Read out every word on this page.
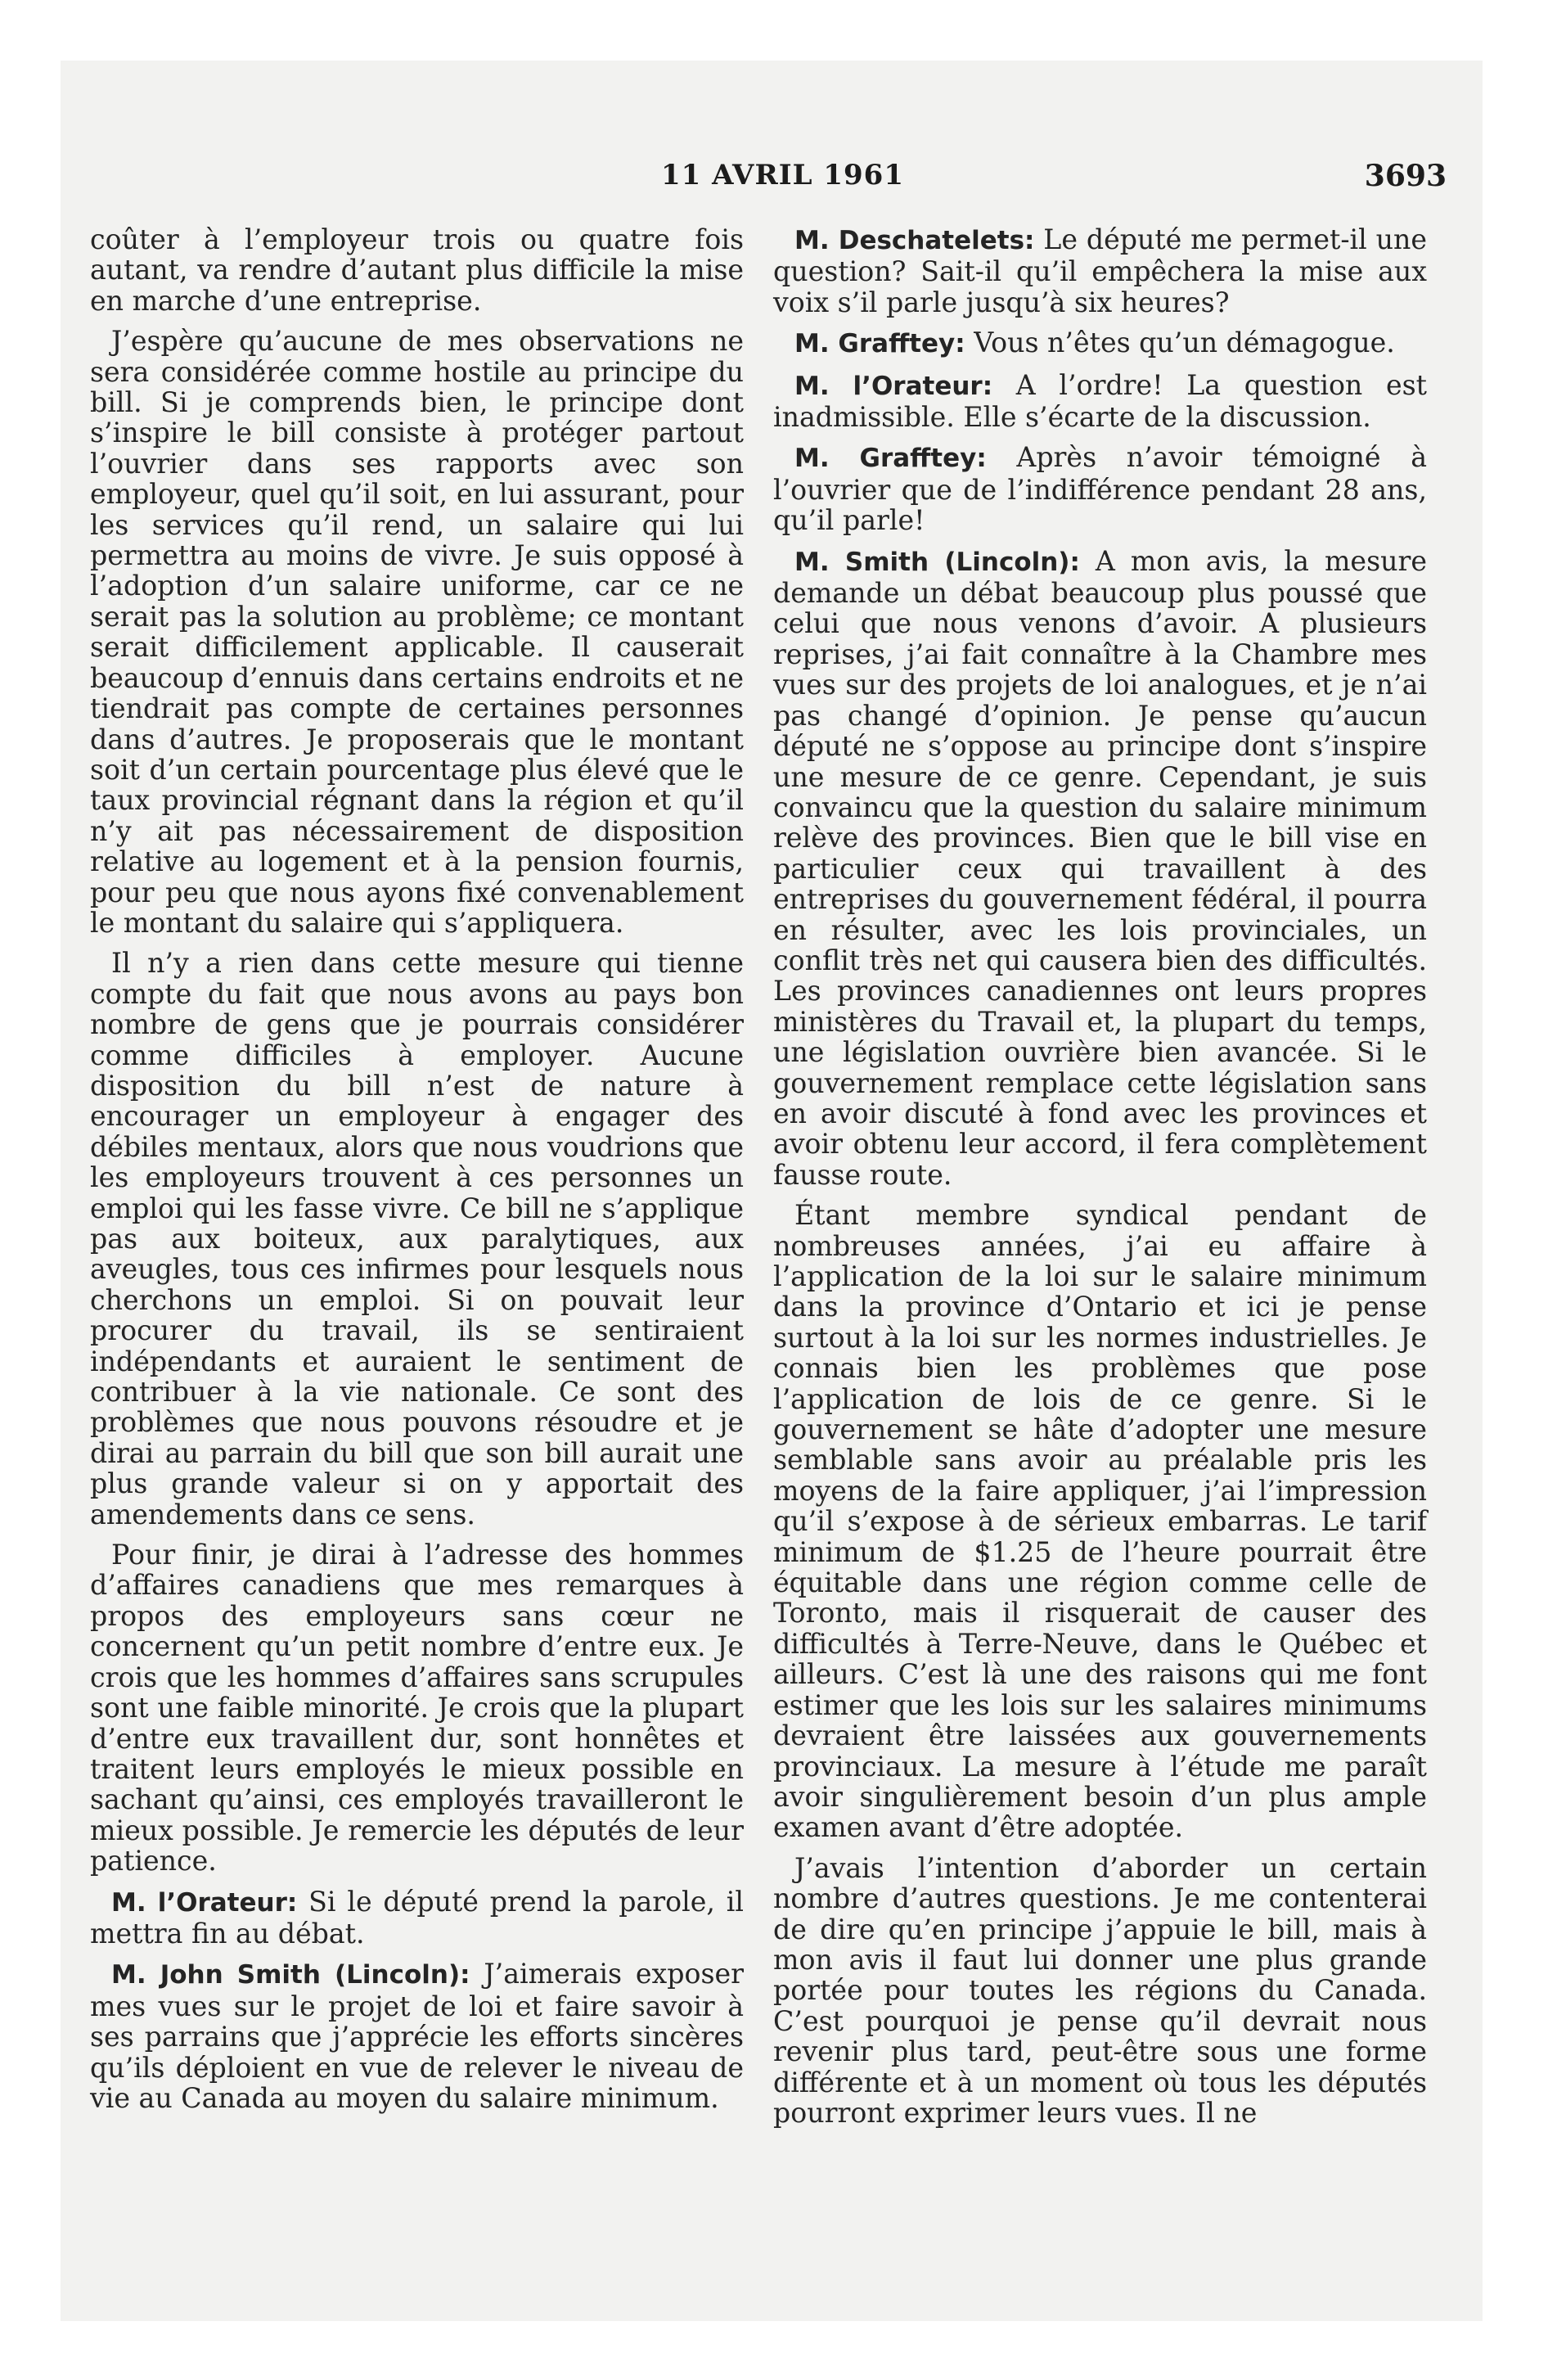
11 AVRIL 1961	3693

coûter à l’employeur trois ou quatre fois autant, va rendre d’autant plus difficile la mise en marche d’une entreprise.

J’espère qu’aucune de mes observations ne sera considérée comme hostile au principe du bill. Si je comprends bien, le principe dont s’inspire le bill consiste à protéger partout l’ouvrier dans ses rapports avec son employeur, quel qu’il soit, en lui assurant, pour les services qu’il rend, un salaire qui lui permettra au moins de vivre. Je suis opposé à l’adoption d’un salaire uniforme, car ce ne serait pas la solution au problème; ce montant serait difficilement applicable. Il causerait beaucoup d’ennuis dans certains endroits et ne tiendrait pas compte de certaines personnes dans d’autres. Je proposerais que le montant soit d’un certain pourcentage plus élevé que le taux provincial régnant dans la région et qu’il n’y ait pas nécessairement de disposition relative au logement et à la pension fournis, pour peu que nous ayons fixé convenablement le montant du salaire qui s’appliquera.

Il n’y a rien dans cette mesure qui tienne compte du fait que nous avons au pays bon nombre de gens que je pourrais considérer comme difficiles à employer. Aucune disposition du bill n’est de nature à encourager un employeur à engager des débiles mentaux, alors que nous voudrions que les employeurs trouvent à ces personnes un emploi qui les fasse vivre. Ce bill ne s’applique pas aux boiteux, aux paralytiques, aux aveugles, tous ces infirmes pour lesquels nous cherchons un emploi. Si on pouvait leur procurer du travail, ils se sentiraient indépendants et auraient le sentiment de contribuer à la vie nationale. Ce sont des problèmes que nous pouvons résoudre et je dirai au parrain du bill que son bill aurait une plus grande valeur si on y apportait des amendements dans ce sens.

Pour finir, je dirai à l’adresse des hommes d’affaires canadiens que mes remarques à propos des employeurs sans cœur ne concernent qu’un petit nombre d’entre eux. Je crois que les hommes d’affaires sans scrupules sont une faible minorité. Je crois que la plupart d’entre eux travaillent dur, sont honnêtes et traitent leurs employés le mieux possible en sachant qu’ainsi, ces employés travailleront le mieux possible. Je remercie les députés de leur patience.

M. l’Orateur: Si le député prend la parole, il mettra fin au débat.

M. John Smith (Lincoln): J’aimerais exposer mes vues sur le projet de loi et faire savoir à ses parrains que j’apprécie les efforts sincères qu’ils déploient en vue de relever le niveau de vie au Canada au moyen du salaire minimum.

M. Deschatelets: Le député me permet-il une question? Sait-il qu’il empêchera la mise aux voix s’il parle jusqu’à six heures?

M. Grafftey: Vous n’êtes qu’un démagogue.

M. l’Orateur: A l’ordre! La question est inadmissible. Elle s’écarte de la discussion.

M. Grafftey: Après n’avoir témoigné à l’ouvrier que de l’indifférence pendant 28 ans, qu’il parle!

M. Smith (Lincoln): A mon avis, la mesure demande un débat beaucoup plus poussé que celui que nous venons d’avoir. A plusieurs reprises, j’ai fait connaître à la Chambre mes vues sur des projets de loi analogues, et je n’ai pas changé d’opinion. Je pense qu’aucun député ne s’oppose au principe dont s’inspire une mesure de ce genre. Cependant, je suis convaincu que la question du salaire minimum relève des provinces. Bien que le bill vise en particulier ceux qui travaillent à des entreprises du gouvernement fédéral, il pourra en résulter, avec les lois provinciales, un conflit très net qui causera bien des difficultés. Les provinces canadiennes ont leurs propres ministères du Travail et, la plupart du temps, une législation ouvrière bien avancée. Si le gouvernement remplace cette législation sans en avoir discuté à fond avec les provinces et avoir obtenu leur accord, il fera complètement fausse route.

Étant membre syndical pendant de nombreuses années, j’ai eu affaire à l’application de la loi sur le salaire minimum dans la province d’Ontario et ici je pense surtout à la loi sur les normes industrielles. Je connais bien les problèmes que pose l’application de lois de ce genre. Si le gouvernement se hâte d’adopter une mesure semblable sans avoir au préalable pris les moyens de la faire appliquer, j’ai l’impression qu’il s’expose à de sérieux embarras. Le tarif minimum de $1.25 de l’heure pourrait être équitable dans une région comme celle de Toronto, mais il risquerait de causer des difficultés à Terre-Neuve, dans le Québec et ailleurs. C’est là une des raisons qui me font estimer que les lois sur les salaires minimums devraient être laissées aux gouvernements provinciaux. La mesure à l’étude me paraît avoir singulièrement besoin d’un plus ample examen avant d’être adoptée.

J’avais l’intention d’aborder un certain nombre d’autres questions. Je me contenterai de dire qu’en principe j’appuie le bill, mais à mon avis il faut lui donner une plus grande portée pour toutes les régions du Canada. C’est pourquoi je pense qu’il devrait nous revenir plus tard, peut-être sous une forme différente et à un moment où tous les députés pourront exprimer leurs vues. Il ne
